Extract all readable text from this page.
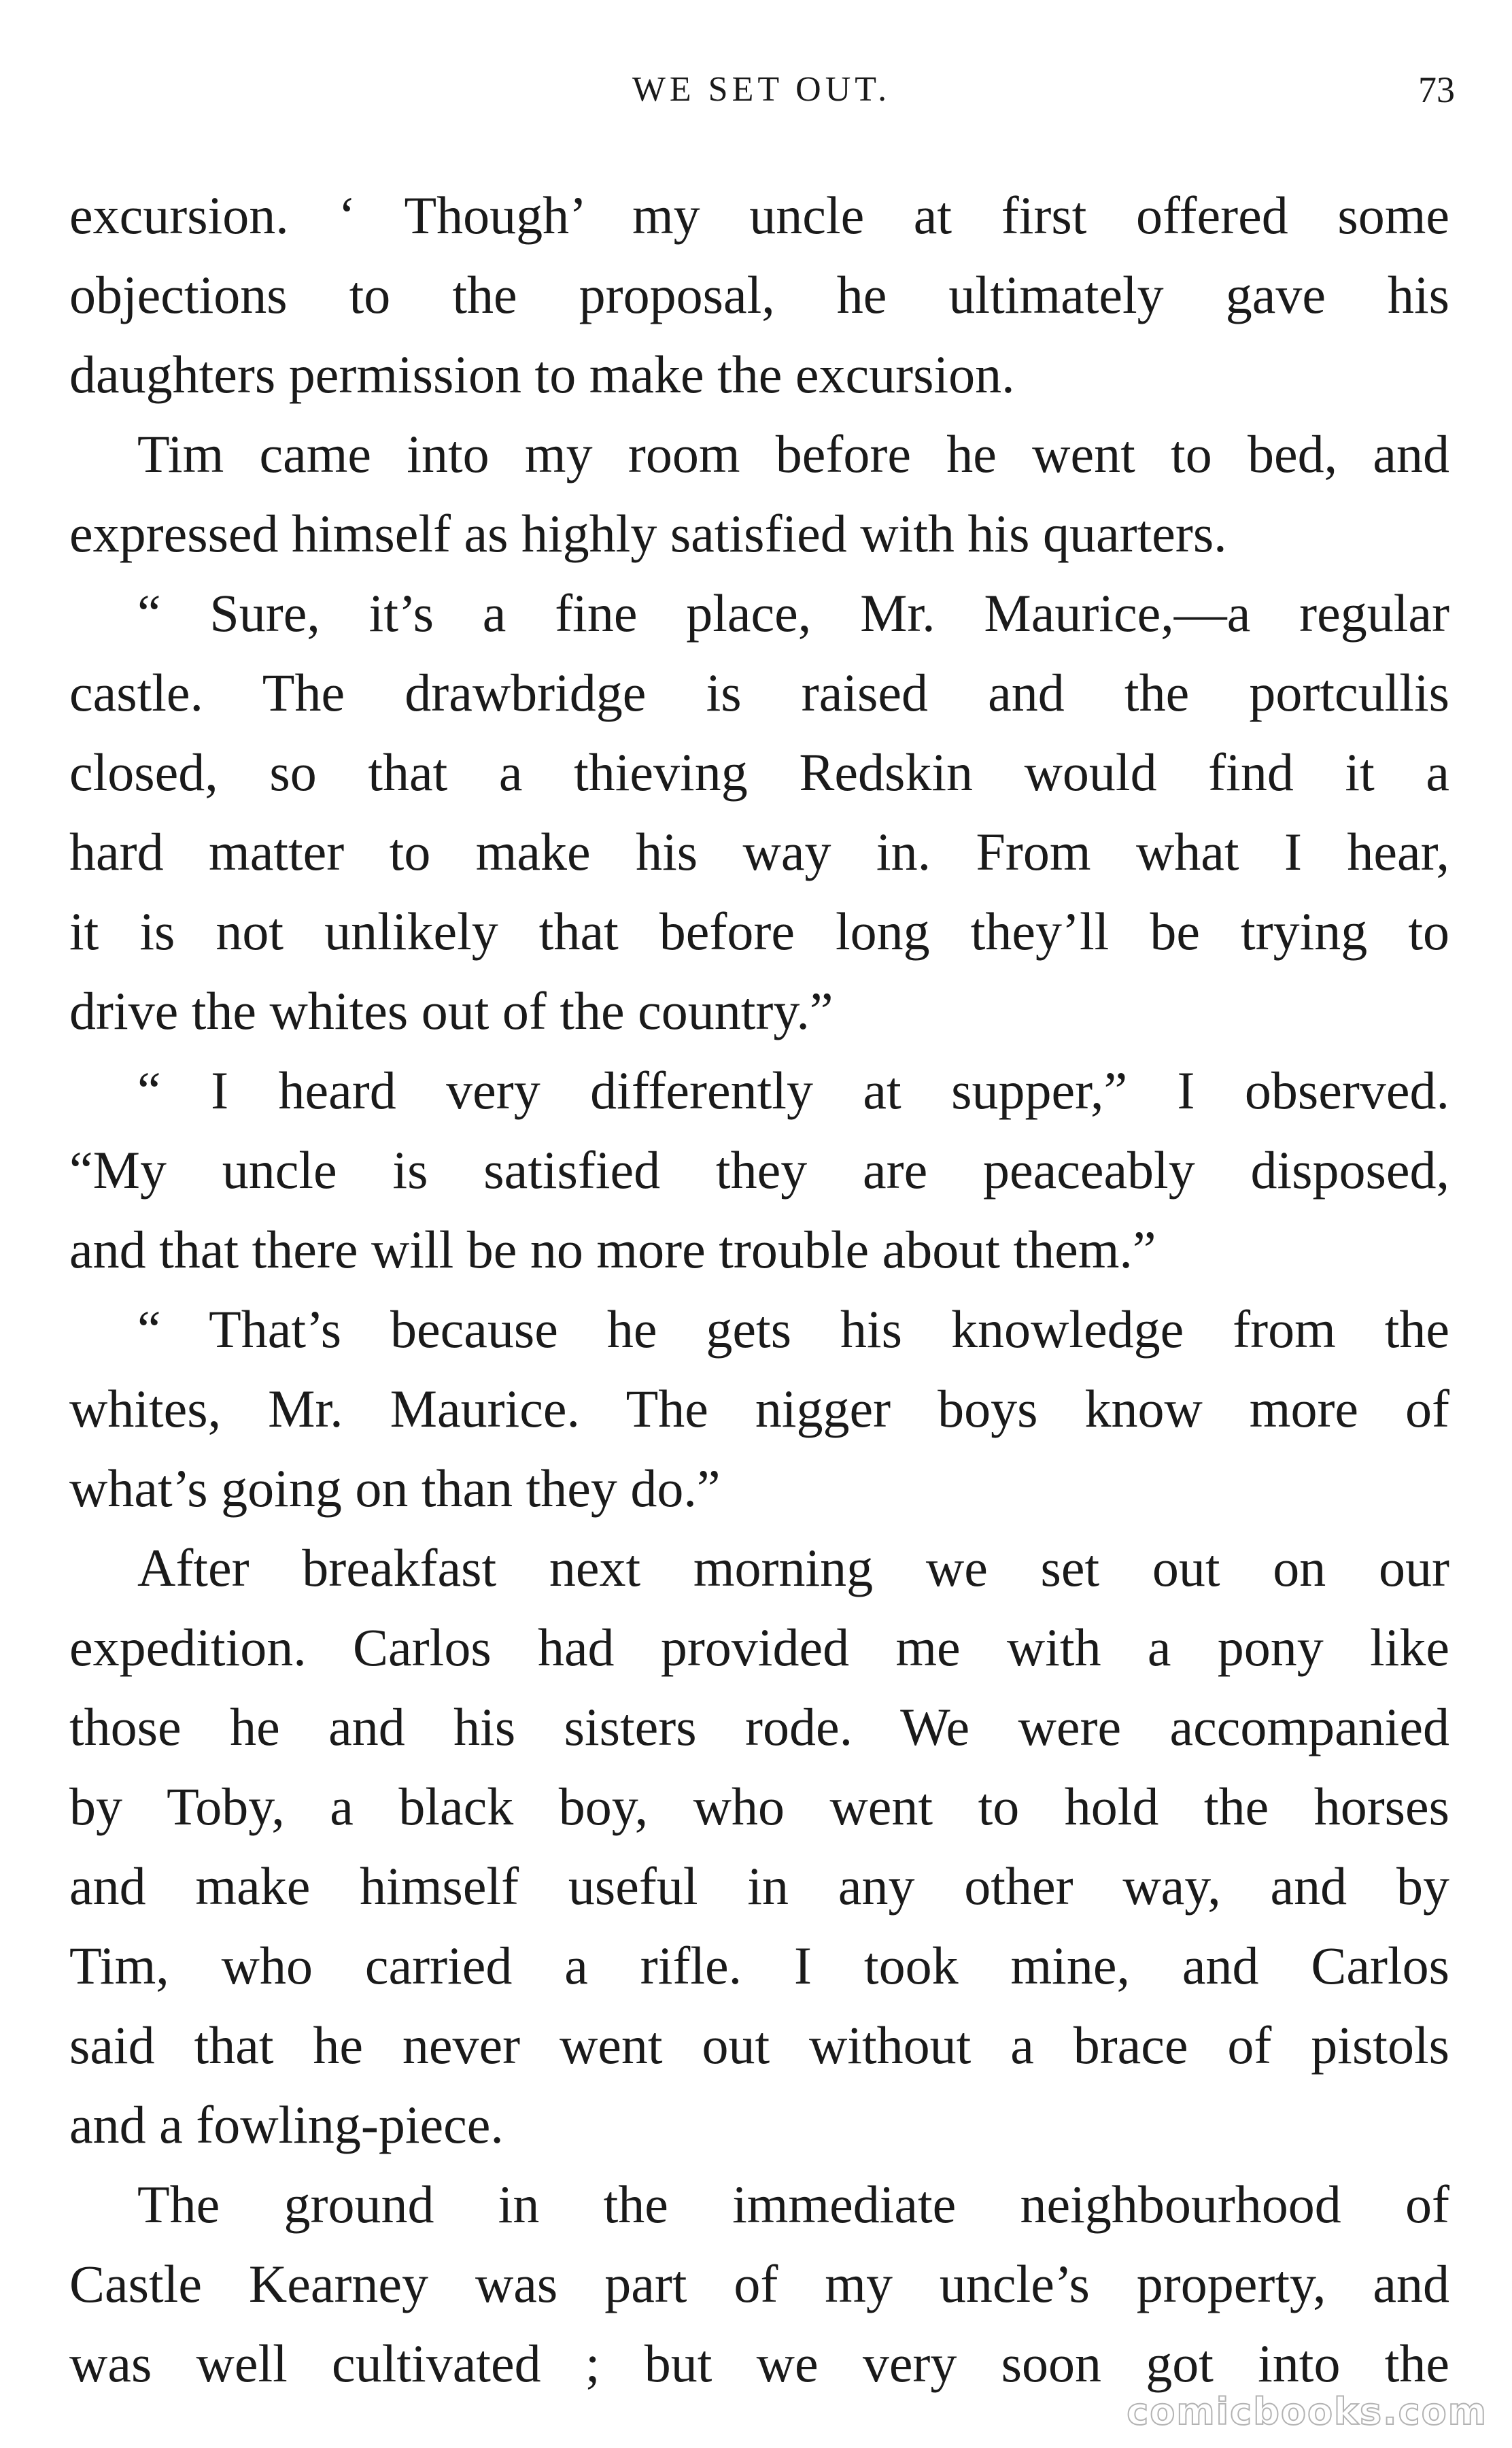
WE SET OUT.	73
excursion. ‘ Though’ my uncle at first offered some
objections to the proposal, he ultimately gave his
daughters permission to make the excursion.
Tim came into my room before he went to bed, and
expressed himself as highly satisfied with his quarters.
“ Sure, it’s a fine place, Mr. Maurice,—a regular
castle. The drawbridge is raised and the portcullis
closed, so that a thieving Redskin would find it a
hard matter to make his way in. From what I hear,
it is not unlikely that before long they’ll be trying to
drive the whites out of the country.”
“ I heard very differently at supper,” I observed.
“My uncle is satisfied they are peaceably disposed,
and that there will be no more trouble about them.”
“ That’s because he gets his knowledge from the
whites, Mr. Maurice. The nigger boys know more of
what’s going on than they do.”
After breakfast next morning we set out on our
expedition. Carlos had provided me with a pony like
those he and his sisters rode. We were accompanied
by Toby, a black boy, who went to hold the horses
and make himself useful in any other way, and by
Tim, who carried a rifle. I took mine, and Carlos
said that he never went out without a brace of pistols
and a fowling-piece.
The ground in the immediate neighbourhood of
Castle Kearney was part of my uncle’s property, and
was well cultivated ; but we very soon got into the
comicbooks.com
